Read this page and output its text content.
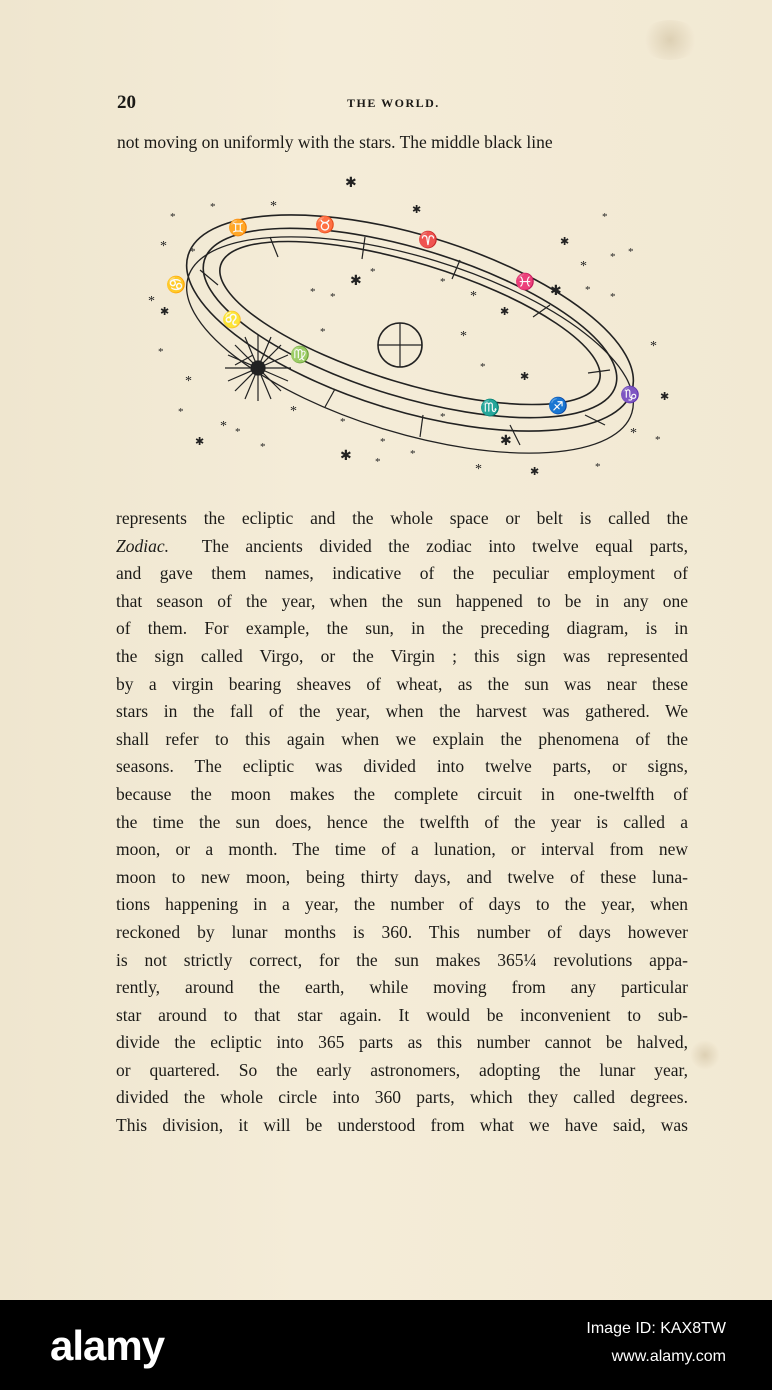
20	THE WORLD.
not moving on uniformly with the stars. The middle black line
♊	♉
♈
♓
♋
♌
♍
♏	♐
♑
✱
*
*	*	✱
*
* *
✱
*
* *
✱ *
*
*
✱
*
*
*
✱
* *
*
✱ *
*
*	✱	*
* *
✱
*
* *
✱
*
*
*
✱
*	*
*
✱
*
*	*
✱
*
represents the ecliptic and the whole space or belt is called the
Zodiac. The ancients divided the zodiac into twelve equal parts,
and gave them names, indicative of the peculiar employment of
that season of the year, when the sun happened to be in any one
of them. For example, the sun, in the preceding diagram, is in
the sign called Virgo, or the Virgin ; this sign was represented
by a virgin bearing sheaves of wheat, as the sun was near these
stars in the fall of the year, when the harvest was gathered. We
shall refer to this again when we explain the phenomena of the
seasons. The ecliptic was divided into twelve parts, or signs,
because the moon makes the complete circuit in one-twelfth of
the time the sun does, hence the twelfth of the year is called a
moon, or a month. The time of a lunation, or interval from new
moon to new moon, being thirty days, and twelve of these luna-
tions happening in a year, the number of days to the year, when
reckoned by lunar months is 360. This number of days however
is not strictly correct, for the sun makes 365¼ revolutions appa-
rently, around the earth, while moving from any particular
star around to that star again. It would be inconvenient to sub-
divide the ecliptic into 365 parts as this number cannot be halved,
or quartered. So the early astronomers, adopting the lunar year,
divided the whole circle into 360 parts, which they called degrees.
This division, it will be understood from what we have said, was
alamy	Image ID: KAX8TW
www.alamy.com
